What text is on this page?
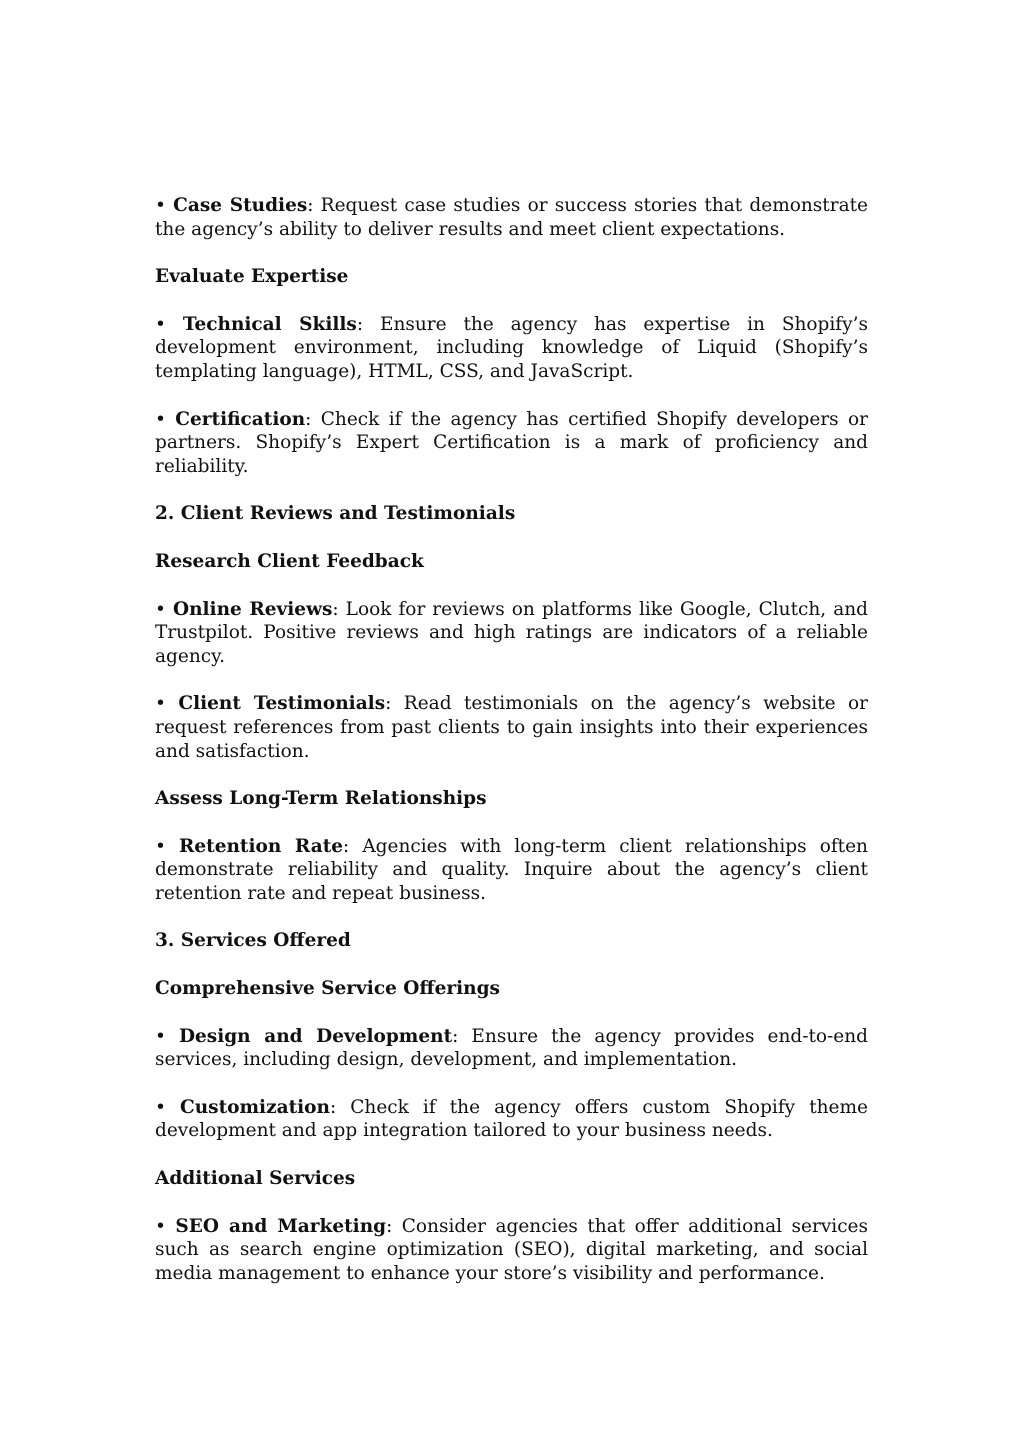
• Case Studies: Request case studies or success stories that demonstrate the agency’s ability to deliver results and meet client expectations.

Evaluate Expertise

• Technical Skills: Ensure the agency has expertise in Shopify’s development environment, including knowledge of Liquid (Shopify’s templating language), HTML, CSS, and JavaScript.

• Certification: Check if the agency has certified Shopify developers or partners. Shopify’s Expert Certification is a mark of proficiency and reliability.

2. Client Reviews and Testimonials

Research Client Feedback

• Online Reviews: Look for reviews on platforms like Google, Clutch, and Trustpilot. Positive reviews and high ratings are indicators of a reliable agency.

• Client Testimonials: Read testimonials on the agency’s website or request references from past clients to gain insights into their experiences and satisfaction.

Assess Long-Term Relationships

• Retention Rate: Agencies with long-term client relationships often demonstrate reliability and quality. Inquire about the agency’s client retention rate and repeat business.

3. Services Offered

Comprehensive Service Offerings

• Design and Development: Ensure the agency provides end-to-end services, including design, development, and implementation.

• Customization: Check if the agency offers custom Shopify theme development and app integration tailored to your business needs.

Additional Services

• SEO and Marketing: Consider agencies that offer additional services such as search engine optimization (SEO), digital marketing, and social media management to enhance your store’s visibility and performance.
